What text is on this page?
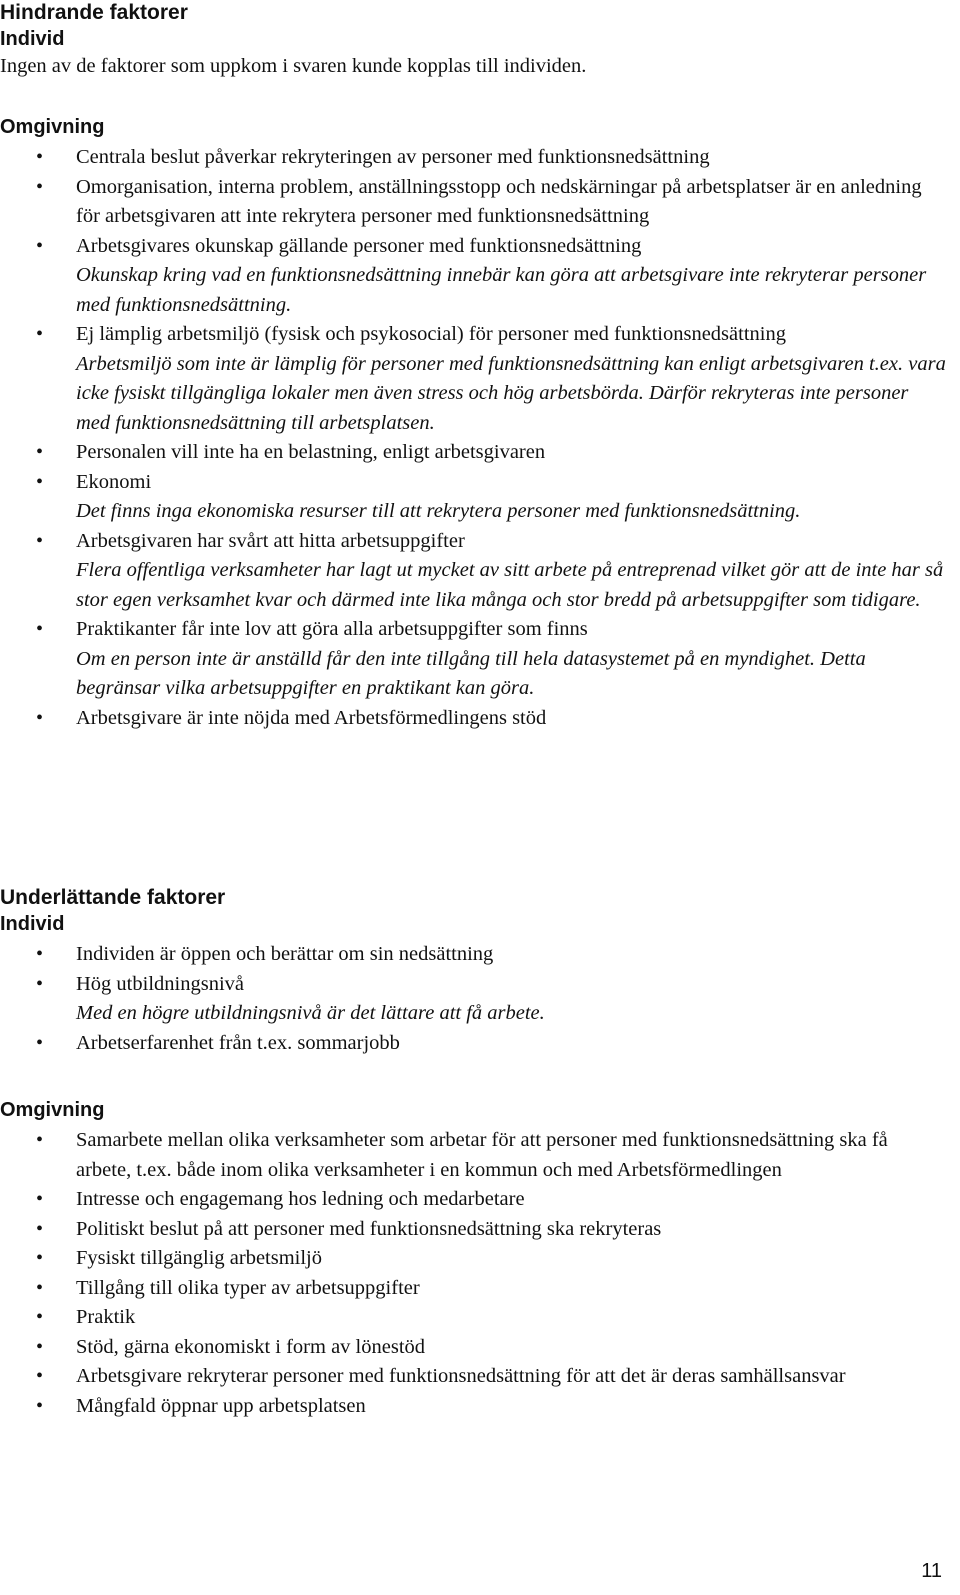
Hindrande faktorer
Individ
Ingen av de faktorer som uppkom i svaren kunde kopplas till individen.
Omgivning
• Centrala beslut påverkar rekryteringen av personer med funktionsnedsättning
• Omorganisation, interna problem, anställningsstopp och nedskärningar på arbetsplatser är en anledning för arbetsgivaren att inte rekrytera personer med funktionsnedsättning
• Arbetsgivares okunskap gällande personer med funktionsnedsättning
Okunskap kring vad en funktionsnedsättning innebär kan göra att arbetsgivare inte rekryterar personer med funktionsnedsättning.
• Ej lämplig arbetsmiljö (fysisk och psykosocial) för personer med funktionsnedsättning
Arbetsmiljö som inte är lämplig för personer med funktionsnedsättning kan enligt arbetsgivaren t.ex. vara icke fysiskt tillgängliga lokaler men även stress och hög arbetsbörda. Därför rekryteras inte personer med funktionsnedsättning till arbetsplatsen.
• Personalen vill inte ha en belastning, enligt arbetsgivaren
• Ekonomi
Det finns inga ekonomiska resurser till att rekrytera personer med funktionsnedsättning.
• Arbetsgivaren har svårt att hitta arbetsuppgifter
Flera offentliga verksamheter har lagt ut mycket av sitt arbete på entreprenad vilket gör att de inte har så stor egen verksamhet kvar och därmed inte lika många och stor bredd på arbetsuppgifter som tidigare.
• Praktikanter får inte lov att göra alla arbetsuppgifter som finns
Om en person inte är anställd får den inte tillgång till hela datasystemet på en myndighet. Detta begränsar vilka arbetsuppgifter en praktikant kan göra.
• Arbetsgivare är inte nöjda med Arbetsförmedlingens stöd
Underlättande faktorer
Individ
• Individen är öppen och berättar om sin nedsättning
• Hög utbildningsnivå
Med en högre utbildningsnivå är det lättare att få arbete.
• Arbetserfarenhet från t.ex. sommarjobb
Omgivning
• Samarbete mellan olika verksamheter som arbetar för att personer med funktionsnedsättning ska få arbete, t.ex. både inom olika verksamheter i en kommun och med Arbetsförmedlingen
• Intresse och engagemang hos ledning och medarbetare
• Politiskt beslut på att personer med funktionsnedsättning ska rekryteras
• Fysiskt tillgänglig arbetsmiljö
• Tillgång till olika typer av arbetsuppgifter
• Praktik
• Stöd, gärna ekonomiskt i form av lönestöd
• Arbetsgivare rekryterar personer med funktionsnedsättning för att det är deras samhällsansvar
• Mångfald öppnar upp arbetsplatsen
11
